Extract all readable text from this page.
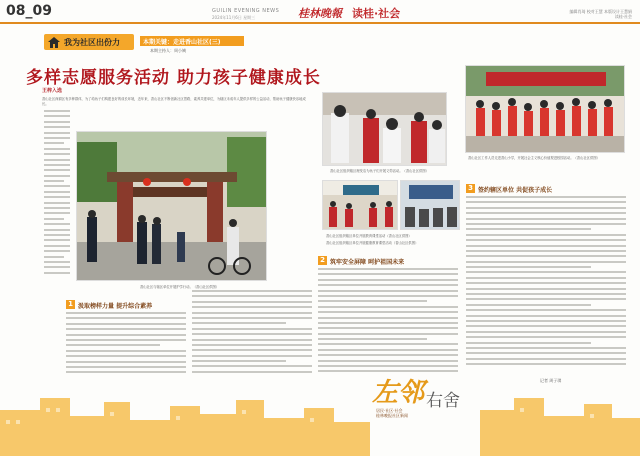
08_09	GUILIN EVENING NEWS
2024年11月6日 星期三	桂林晚報 读桂·社会	编辑肖琦 校对王慧 本版设计王慧娟
读桂·社会
我为社区出份力	本期关键：走进香山社区(三)
本期主持人：周小姨
多样志愿服务活动 助力孩子健康成长
王梓入选
香山社区深耕区有多种群体，为了给孩子们构建良好的成长环境，近年来，香山社区不断创新社区思路，素养共建单位，为辖区未成年人提供多样的公益活动，帮助孩子健康快乐地成长。
香山社区与辖区单位开展护学行动。（香山社区供图）
香山社区组织辖区理发店为孩子们开展义剪活动。（香山社区供图）
香山社区工作人员走进香山小学，开展社会主义核心价值观进校园活动。（香山社区供图）
香山社区组织辖区单位开展教育课堂活动（香山社区供图）
香山社区组织辖区单位开展健康教育课堂活动（香山社区供图）
1 汲取榜样力量 提升综合素养
2 筑牢安全屏障 呵护祖国未来
3 签约辖区单位 共促孩子成长
左邻 右舍
居民·社区·社会
桂林晚报社区新闻
记者 周子琪
